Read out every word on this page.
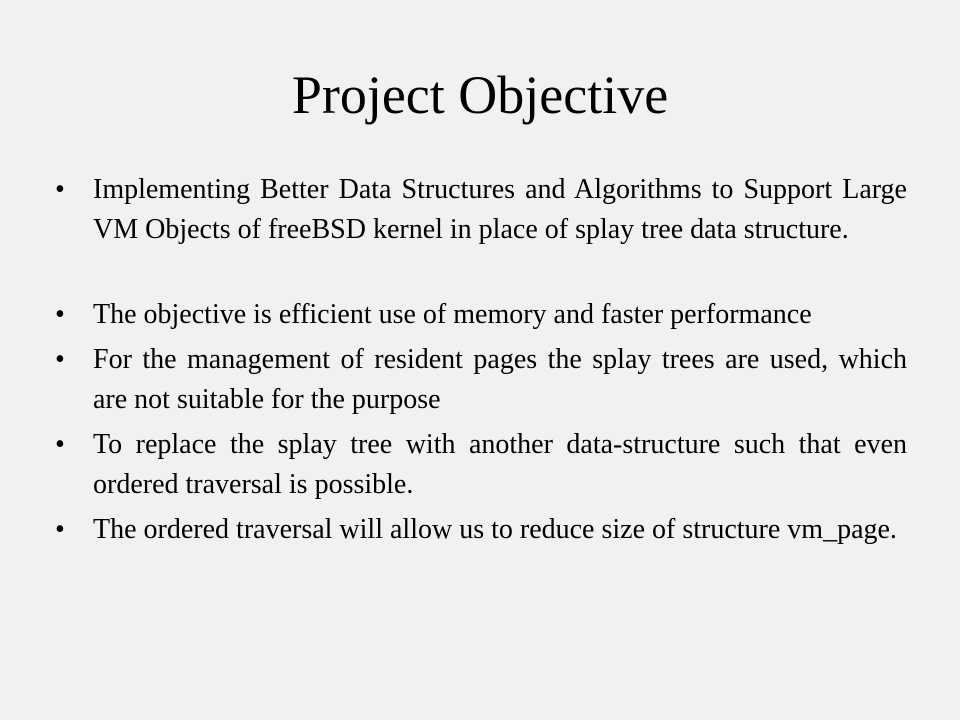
Project Objective
• Implementing Better Data Structures and Algorithms to Support Large VM Objects of freeBSD kernel in place of splay tree data structure.
• The objective is efficient use of memory and faster performance
• For the management of resident pages the splay trees are used, which are not suitable for the purpose
• To replace the splay tree with another data-structure such that even ordered traversal is possible.
• The ordered traversal will allow us to reduce size of structure vm_page.
